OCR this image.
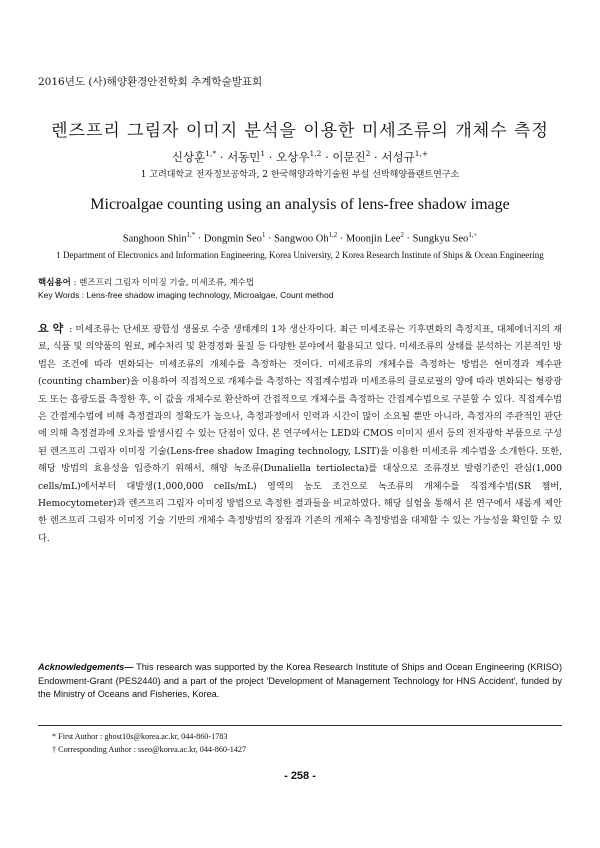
2016년도 (사)해양환경안전학회 추계학술발표회
렌즈프리 그림자 이미지 분석을 이용한 미세조류의 개체수 측정
신상훈$^{1,*}$ · 서동민$^1$ · 오상우$^{1,2}$ · 이문진$^2$ · 서성규$^{1,+}$
1 고려대학교 전자정보공학과, 2 한국해양과학기술원 부설 선박해양플랜트연구소
Microalgae counting using an analysis of lens-free shadow image
Sanghoon Shin$^{1,*}$ · Dongmin Seo$^1$ · Sangwoo Oh$^{1,2}$ · Moonjin Lee$^2$ · Sungkyu Seo$^{1,+}$
1 Department of Electronics and Information Engineering, Korea University, 2 Korea Research Institute of Ships & Ocean Engineering
핵심용어 : 렌즈프리 그림자 이미징 기술, 미세조류, 계수법
Key Words : Lens-free shadow imaging technology, Microalgae, Count method
요 약 : 미세조류는 단세포 광합성 생물로 수중 생태계의 1차 생산자이다. 최근 미세조류는 기후변화의 측정지표, 대체에너지의 재료, 식품 및 의약품의 원료, 폐수처리 및 환경정화 물질 등 다양한 분야에서 활용되고 있다. 미세조류의 상태를 분석하는 기본적인 방법은 조건에 따라 변화되는 미세조류의 개체수를 측정하는 것이다. 미세조류의 개체수를 측정하는 방법은 현미경과 계수판(counting chamber)을 이용하여 직접적으로 개체수를 측정하는 직접계수법과 미세조류의 클로로필의 양에 따라 변화되는 형광광도 또는 흡광도를 측정한 후, 이 값을 개체수로 환산하여 간접적으로 개체수를 측정하는 간접계수법으로 구분할 수 있다. 직접계수법은 간접계수법에 비해 측정결과의 정확도가 높으나, 측정과정에서 인력과 시간이 많이 소요될 뿐만 아니라, 측정자의 주관적인 판단에 의해 측정결과에 오차를 발생시킬 수 있는 단점이 있다. 본 연구에서는 LED와 CMOS 이미지 센서 등의 전자광학 부품으로 구성된 렌즈프리 그림자 이미징 기술(Lens-free shadow Imaging technology, LSIT)을 이용한 미세조류 계수법을 소개한다. 또한, 해당 방법의 효용성을 입증하기 위해서, 해양 녹조류(Dunaliella tertiolecta)를 대상으로 조류경보 발령기준인 관심(1,000 cells/mL)에서부터 대발생(1,000,000 cells/mL) 영역의 농도 조건으로 녹조류의 개체수를 직접계수법(SR 챔버, Hemocytometer)과 렌즈프리 그림자 이미징 방법으로 측정한 결과들을 비교하였다. 해당 실험을 통해서 본 연구에서 새롭게 제안한 렌즈프리 그림자 이미징 기술 기반의 개체수 측정방법의 장점과 기존의 개체수 측정방법을 대체할 수 있는 가능성을 확인할 수 있다.
Acknowledgements— This research was supported by the Korea Research Institute of Ships and Ocean Engineering (KRISO) Endowment-Grant (PES2440) and a part of the project 'Development of Management Technology for HNS Accident', funded by the Ministry of Oceans and Fisheries, Korea.
* First Author : ghost10s@korea.ac.kr, 044-860-1783
† Corresponding Author : sseo@korea.ac.kr, 044-860-1427
- 258 -
